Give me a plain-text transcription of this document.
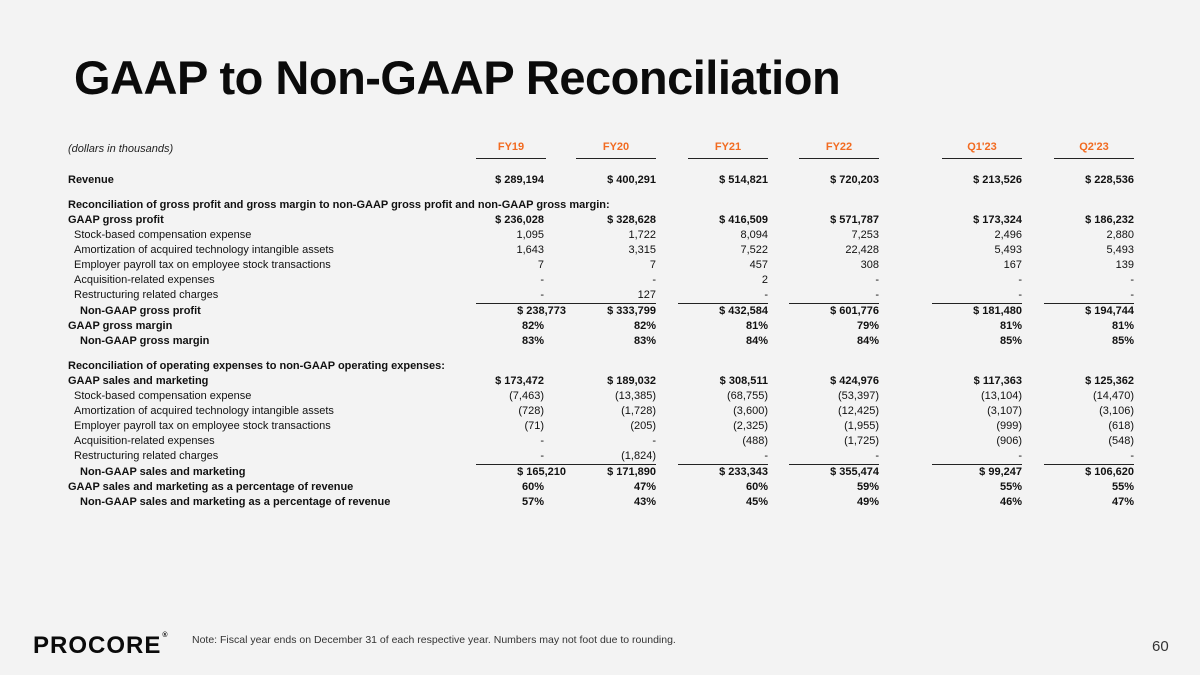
GAAP to Non-GAAP Reconciliation
(dollars in thousands)	FY19	FY20	FY21	FY22	Q1'23	Q2'23

Revenue	$ 289,194	$ 400,291	$ 514,821	$ 720,203	$ 213,526	$ 228,536

Reconciliation of gross profit and gross margin to non-GAAP gross profit and non-GAAP gross margin:						
GAAP gross profit	$ 236,028	$ 328,628	$ 416,509	$ 571,787	$ 173,324	$ 186,232
Stock-based compensation expense	1,095	1,722	8,094	7,253	2,496	2,880
Amortization of acquired technology intangible assets	1,643	3,315	7,522	22,428	5,493	5,493
Employer payroll tax on employee stock transactions	7	7	457	308	167	139
Acquisition-related expenses	-	-	2	-	-	-
Restructuring related charges	-	127	-	-	-	-
Non-GAAP gross profit	$ 238,773	$ 333,799	$ 432,584	$ 601,776	$ 181,480	$ 194,744
GAAP gross margin	82%	82%	81%	79%	81%	81%
Non-GAAP gross margin	83%	83%	84%	84%	85%	85%

Reconciliation of operating expenses to non-GAAP operating expenses:						
GAAP sales and marketing	$ 173,472	$ 189,032	$ 308,511	$ 424,976	$ 117,363	$ 125,362
Stock-based compensation expense	(7,463)	(13,385)	(68,755)	(53,397)	(13,104)	(14,470)
Amortization of acquired technology intangible assets	(728)	(1,728)	(3,600)	(12,425)	(3,107)	(3,106)
Employer payroll tax on employee stock transactions	(71)	(205)	(2,325)	(1,955)	(999)	(618)
Acquisition-related expenses	-	-	(488)	(1,725)	(906)	(548)
Restructuring related charges	-	(1,824)	-	-	-	-
Non-GAAP sales and marketing	$ 165,210	$ 171,890	$ 233,343	$ 355,474	$ 99,247	$ 106,620
GAAP sales and marketing as a percentage of revenue	60%	47%	60%	59%	55%	55%
Non-GAAP sales and marketing as a percentage of revenue	57%	43%	45%	49%	46%	47%
PROCORE® Note: Fiscal year ends on December 31 of each respective year. Numbers may not foot due to rounding.	60
